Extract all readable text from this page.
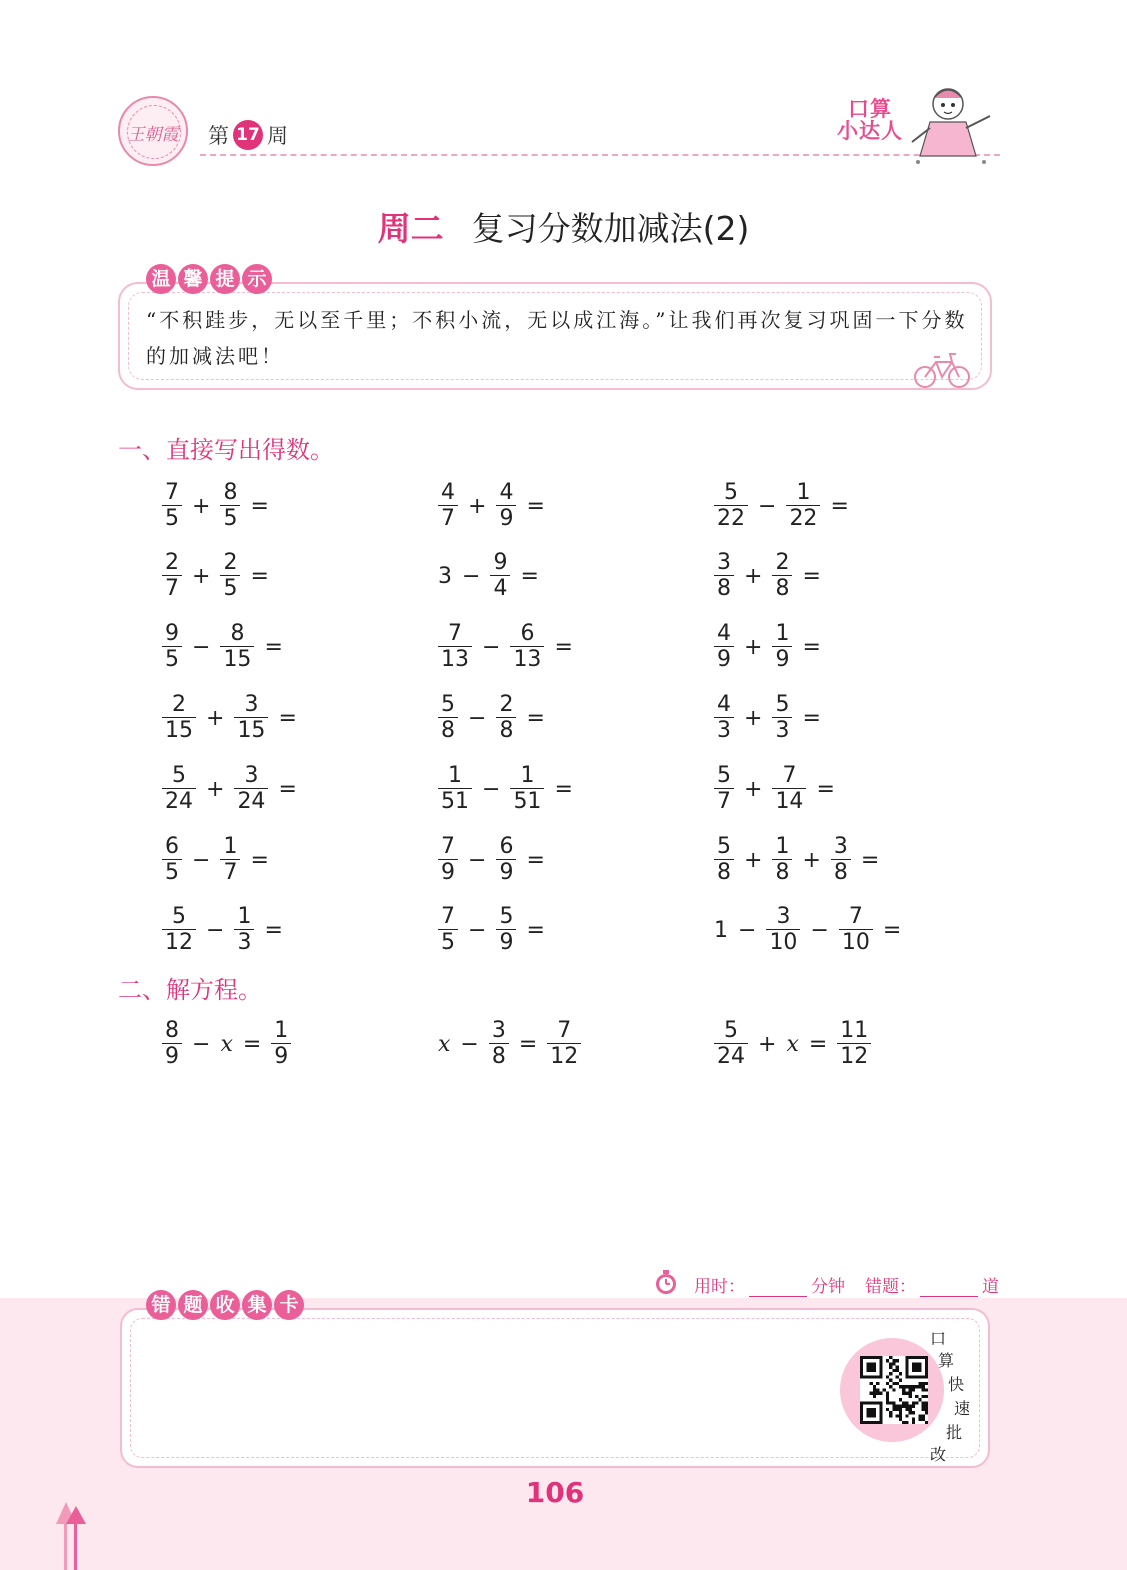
王朝霞	第 17 周
口算
小达人
周二 复习分数加减法(2)
温 馨 提 示
“不积跬步，无以至千里；不积小流，无以成江海。”让我们再次复习巩固一下分数的加减法吧！
一、直接写出得数。
$\frac{7}{5} + \frac{8}{5}$ =	$\frac{4}{7} + \frac{4}{9}$ =	$\frac{5}{22} - \frac{1}{22}$ =
$\frac{2}{7} + \frac{2}{5}$ =	$3 - \frac{9}{4}$ =	$\frac{3}{8} + \frac{2}{8}$ =
$\frac{9}{5} - \frac{8}{15}$ =	$\frac{7}{13} - \frac{6}{13}$ =	$\frac{4}{9} + \frac{1}{9}$ =
$\frac{2}{15} + \frac{3}{15}$ =	$\frac{5}{8} - \frac{2}{8}$ =	$\frac{4}{3} + \frac{5}{3}$ =
$\frac{5}{24} + \frac{3}{24}$ =	$\frac{1}{51} - \frac{1}{51}$ =	$\frac{5}{7} + \frac{7}{14}$ =
$\frac{6}{5} - \frac{1}{7}$ =	$\frac{7}{9} - \frac{6}{9}$ =	$\frac{5}{8} + \frac{1}{8} + \frac{3}{8}$ =
$\frac{5}{12} - \frac{1}{3}$ =	$\frac{7}{5} - \frac{5}{9}$ =	$1 - \frac{3}{10} - \frac{7}{10}$ =
二、解方程。
$\frac{8}{9} - x = \frac{1}{9}$	$x - \frac{3}{8} = \frac{7}{12}$	$\frac{5}{24} + x = \frac{11}{12}$
用时：	分钟 错题：	道
错 题 收 集 卡
口
算
快
速
批
改
106
